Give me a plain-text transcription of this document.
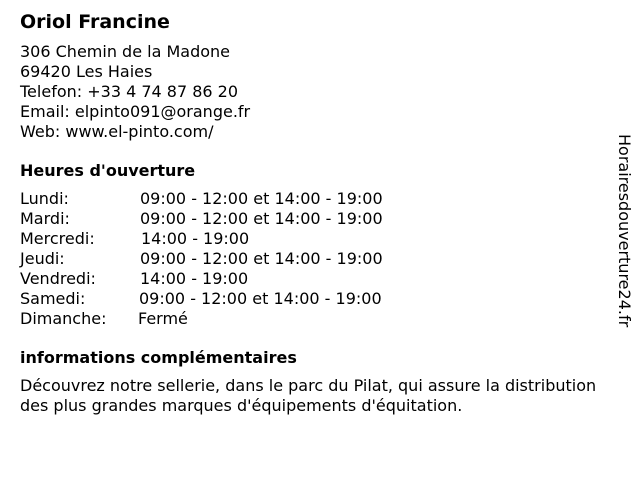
Oriol Francine
306 Chemin de la Madone
69420 Les Haies
Telefon: +33 4 74 87 86 20
Email: elpinto091@orange.fr
Web: www.el-pinto.com/
Heures d'ouverture
Lundi:	09:00 - 12:00 et 14:00 - 19:00
Mardi:	09:00 - 12:00 et 14:00 - 19:00
Mercredi:	14:00 - 19:00
Jeudi:	09:00 - 12:00 et 14:00 - 19:00
Vendredi:	14:00 - 19:00
Samedi:	09:00 - 12:00 et 14:00 - 19:00
Dimanche:	Fermé
informations complémentaires
Découvrez notre sellerie, dans le parc du Pilat, qui assure la distribution des plus grandes marques d'équipements d'équitation.
Horairesdouverture24.fr
